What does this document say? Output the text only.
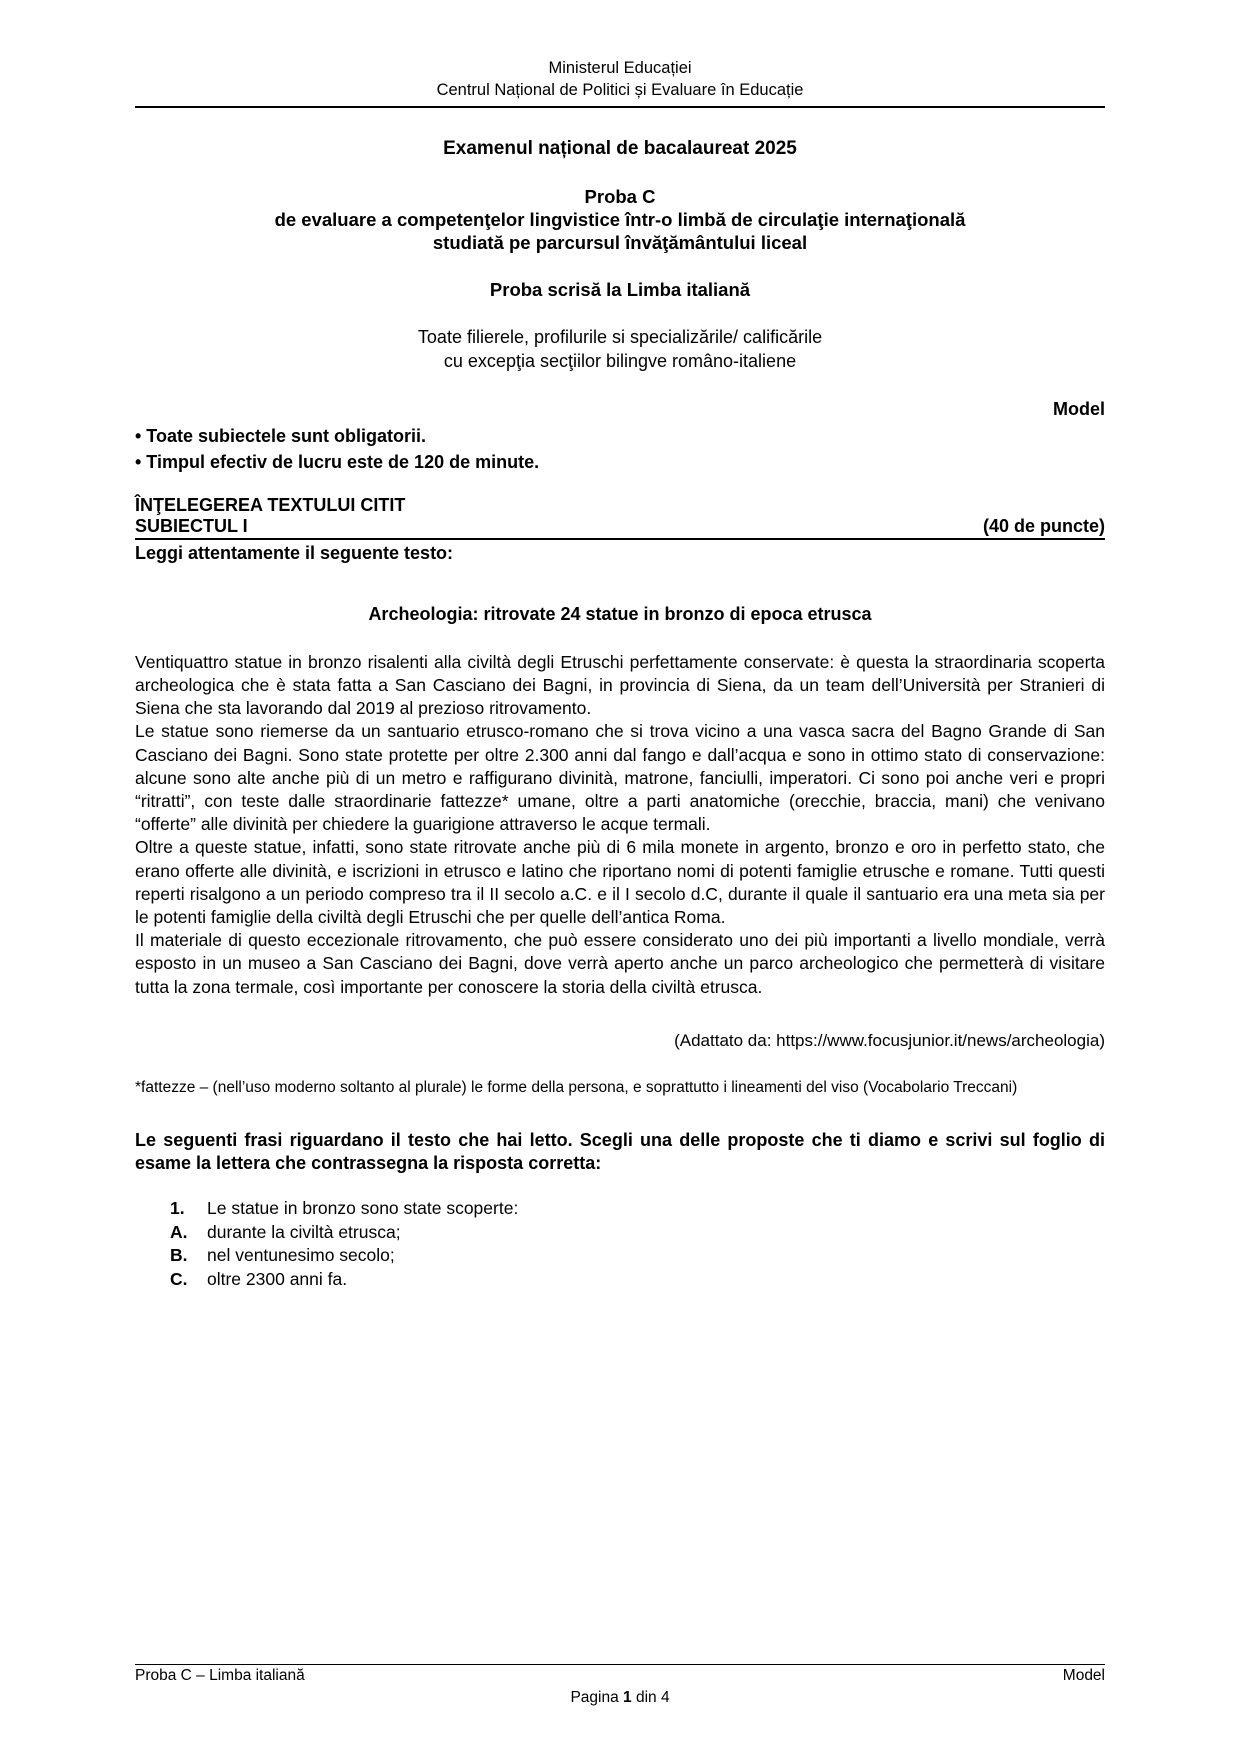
Ministerul Educației
Centrul Național de Politici și Evaluare în Educație
Examenul național de bacalaureat 2025
Proba C
de evaluare a competenţelor lingvistice într-o limbă de circulaţie internaţională
studiată pe parcursul învăţământului liceal
Proba scrisă la Limba italiană
Toate filierele, profilurile si specializările/ calificările
cu excepţia secţiilor bilingve româno-italiene
Model
• Toate subiectele sunt obligatorii.
• Timpul efectiv de lucru este de 120 de minute.
ÎNŢELEGEREA TEXTULUI CITIT
SUBIECTUL I	(40 de puncte)
Leggi attentamente il seguente testo:
Archeologia: ritrovate 24 statue in bronzo di epoca etrusca

Ventiquattro statue in bronzo risalenti alla civiltà degli Etruschi perfettamente conservate: è questa la straordinaria scoperta archeologica che è stata fatta a San Casciano dei Bagni, in provincia di Siena, da un team dell’Università per Stranieri di Siena che sta lavorando dal 2019 al prezioso ritrovamento.

Le statue sono riemerse da un santuario etrusco-romano che si trova vicino a una vasca sacra del Bagno Grande di San Casciano dei Bagni. Sono state protette per oltre 2.300 anni dal fango e dall’acqua e sono in ottimo stato di conservazione: alcune sono alte anche più di un metro e raffigurano divinità, matrone, fanciulli, imperatori. Ci sono poi anche veri e propri “ritratti”, con teste dalle straordinarie fattezze* umane, oltre a parti anatomiche (orecchie, braccia, mani) che venivano “offerte” alle divinità per chiedere la guarigione attraverso le acque termali.

Oltre a queste statue, infatti, sono state ritrovate anche più di 6 mila monete in argento, bronzo e oro in perfetto stato, che erano offerte alle divinità, e iscrizioni in etrusco e latino che riportano nomi di potenti famiglie etrusche e romane. Tutti questi reperti risalgono a un periodo compreso tra il II secolo a.C. e il I secolo d.C, durante il quale il santuario era una meta sia per le potenti famiglie della civiltà degli Etruschi che per quelle dell’antica Roma.

Il materiale di questo eccezionale ritrovamento, che può essere considerato uno dei più importanti a livello mondiale, verrà esposto in un museo a San Casciano dei Bagni, dove verrà aperto anche un parco archeologico che permetterà di visitare tutta la zona termale, così importante per conoscere la storia della civiltà etrusca.

(Adattato da: https://www.focusjunior.it/news/archeologia)
*fattezze – (nell’uso moderno soltanto al plurale) le forme della persona, e soprattutto i lineamenti del viso (Vocabolario Treccani)
Le seguenti frasi riguardano il testo che hai letto. Scegli una delle proposte che ti diamo e scrivi sul foglio di esame la lettera che contrassegna la risposta corretta:
1.	Le statue in bronzo sono state scoperte:
A.	durante la civiltà etrusca;
B.	nel ventunesimo secolo;
C.	oltre 2300 anni fa.
Proba C – Limba italiană	Model
Pagina 1 din 4
